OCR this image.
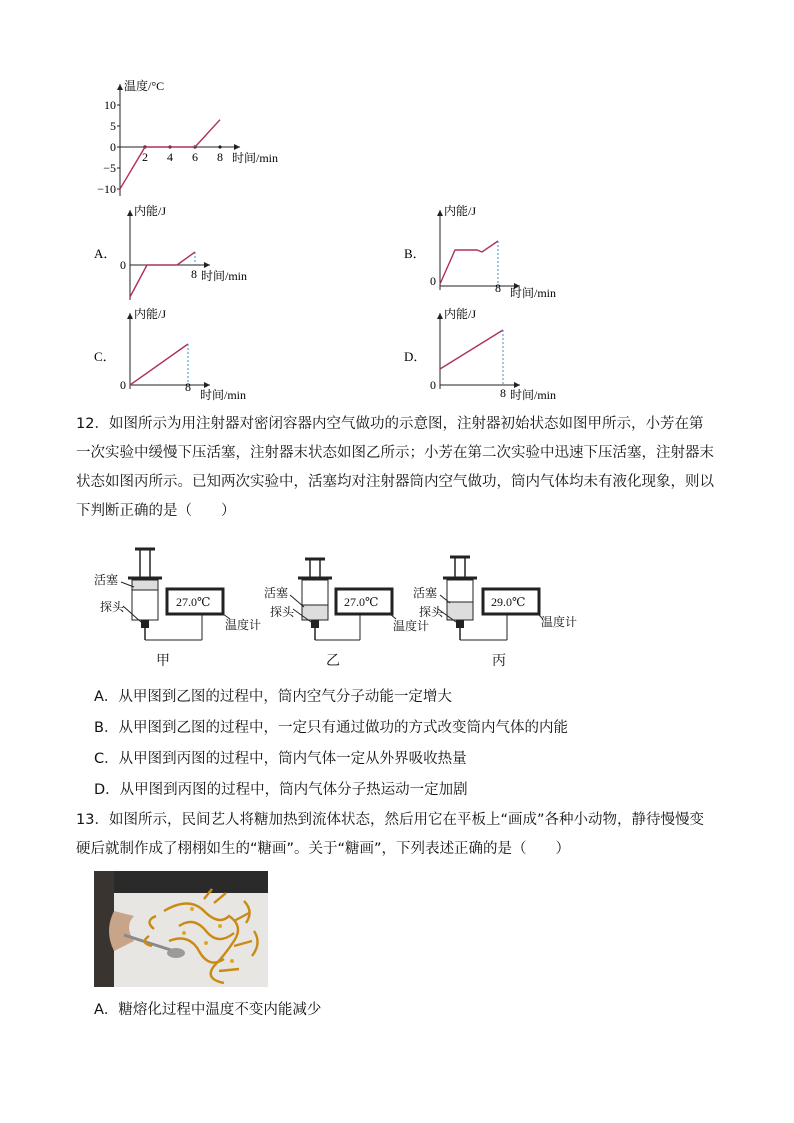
10
5
0
−5
−10
2 4 6 8
温度/°C
时间/min
A．
内能/J
0
8 时间/min
B．
内能/J
0	8 时间/min
C．
内能/J
0	8
时间/min
D．
内能/J
0
8 时间/min
12．如图所示为用注射器对密闭容器内空气做功的示意图，注射器初始状态如图甲所示，小芳在第一次实验中缓慢下压活塞，注射器末状态如图乙所示；小芳在第二次实验中迅速下压活塞，注射器末状态如图丙所示。已知两次实验中，活塞均对注射器筒内空气做功，筒内气体均未有液化现象，则以下判断正确的是（　　）
活塞
探头	27.0℃
温度计
甲
活塞
探头
27.0℃
温度计
乙
活塞
探头
29.0℃
温度计
丙
A．从甲图到乙图的过程中，筒内空气分子动能一定增大
B．从甲图到乙图的过程中，一定只有通过做功的方式改变筒内气体的内能
C．从甲图到丙图的过程中，筒内气体一定从外界吸收热量
D．从甲图到丙图的过程中，筒内气体分子热运动一定加剧
13．如图所示，民间艺人将糖加热到流体状态，然后用它在平板上“画成”各种小动物，静待慢慢变硬后就制作成了栩栩如生的“糖画”。关于“糖画”，下列表述正确的是（　　）
A．糖熔化过程中温度不变内能减少
